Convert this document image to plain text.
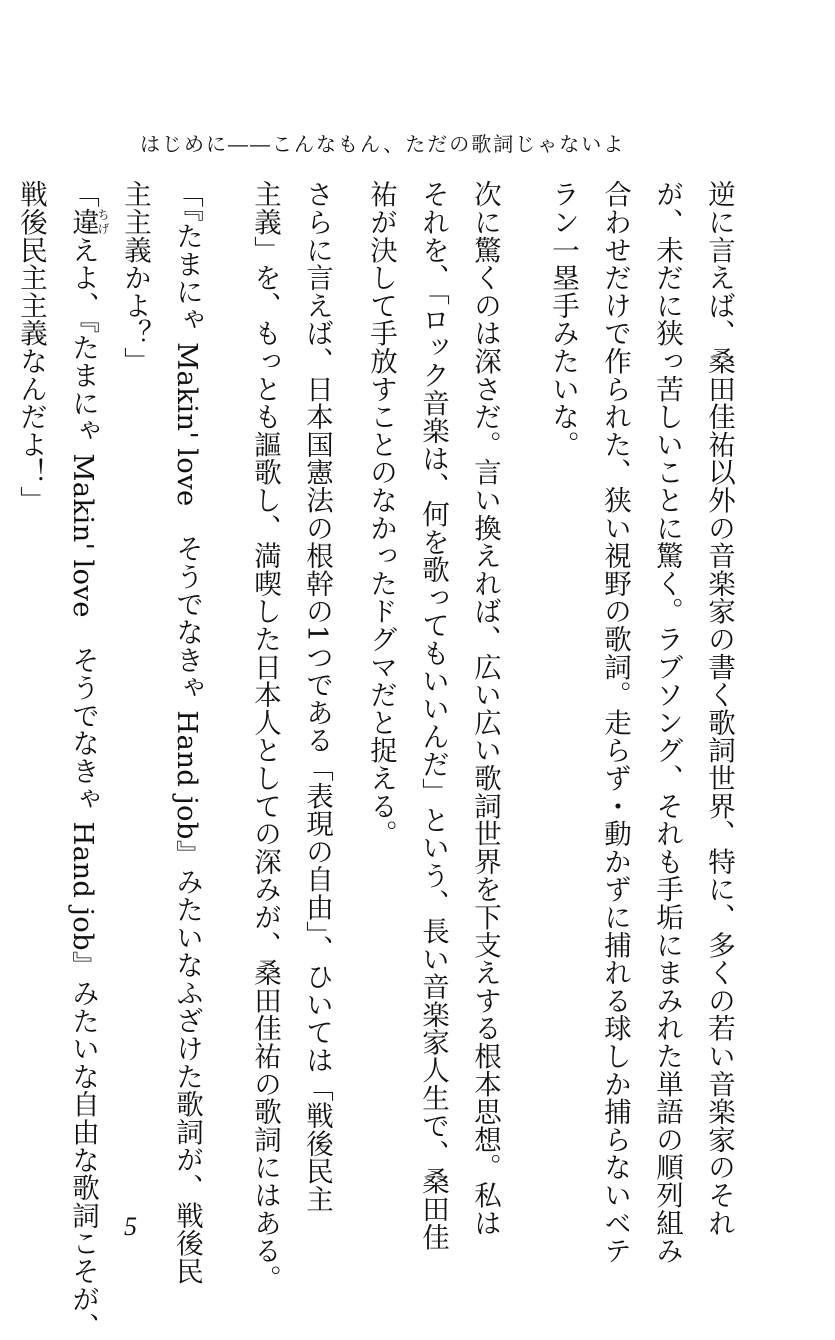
はじめに――こんなもん、ただの歌詞じゃないよ
逆に言えば、桑田佳祐以外の音楽家の書く歌詞世界、特に、多くの若い音楽家のそれ
が、未だに狭っ苦しいことに驚く。ラブソング、それも手垢にまみれた単語の順列組み
合わせだけで作られた、狭い視野の歌詞。走らず・動かずに捕れる球しか捕らないベテ
ラン一塁手みたいな。
次に驚くのは深さだ。言い換えれば、広い広い歌詞世界を下支えする根本思想。私は
それを、「ロック音楽は、何を歌ってもいいんだ」という、長い音楽家人生で、桑田佳
祐が決して手放すことのなかったドグマだと捉える。
さらに言えば、日本国憲法の根幹の1つである「表現の自由」、ひいては「戦後民主
主義」を、もっとも謳歌し、満喫した日本人としての深みが、桑田佳祐の歌詞にはある。
「『たまにゃ Makin' love　そうでなきゃ Hand job』みたいなふざけた歌詞が、戦後民
主主義かよ？」
「違ちげえよ、『たまにゃ Makin' love　そうでなきゃ Hand job』みたいな自由な歌詞こそが、
戦後民主主義なんだよ！」
5
